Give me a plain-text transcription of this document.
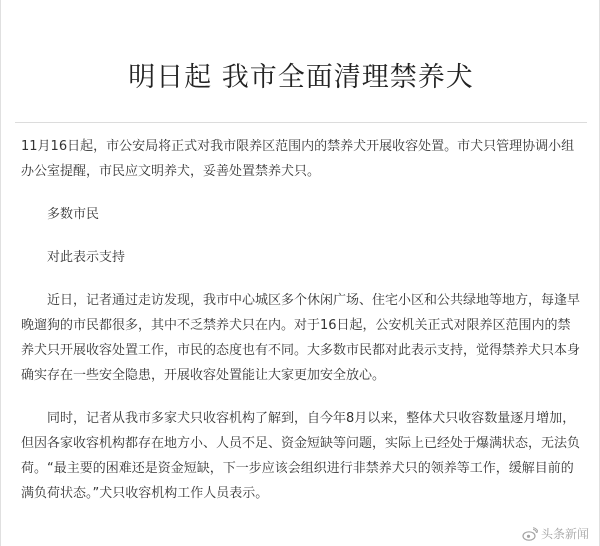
明日起 我市全面清理禁养犬

11月16日起，市公安局将正式对我市限养区范围内的禁养犬开展收容处置。市犬只管理协调小组办公室提醒，市民应文明养犬，妥善处置禁养犬只。

多数市民

对此表示支持

近日，记者通过走访发现，我市中心城区多个休闲广场、住宅小区和公共绿地等地方，每逢早晚遛狗的市民都很多，其中不乏禁养犬只在内。对于16日起，公安机关正式对限养区范围内的禁养犬只开展收容处置工作，市民的态度也有不同。大多数市民都对此表示支持，觉得禁养犬只本身确实存在一些安全隐患，开展收容处置能让大家更加安全放心。

同时，记者从我市多家犬只收容机构了解到，自今年8月以来，整体犬只收容数量逐月增加，但因各家收容机构都存在地方小、人员不足、资金短缺等问题，实际上已经处于爆满状态，无法负荷。“最主要的困难还是资金短缺，下一步应该会组织进行非禁养犬只的领养等工作，缓解目前的满负荷状态。”犬只收容机构工作人员表示。

头条新闻
